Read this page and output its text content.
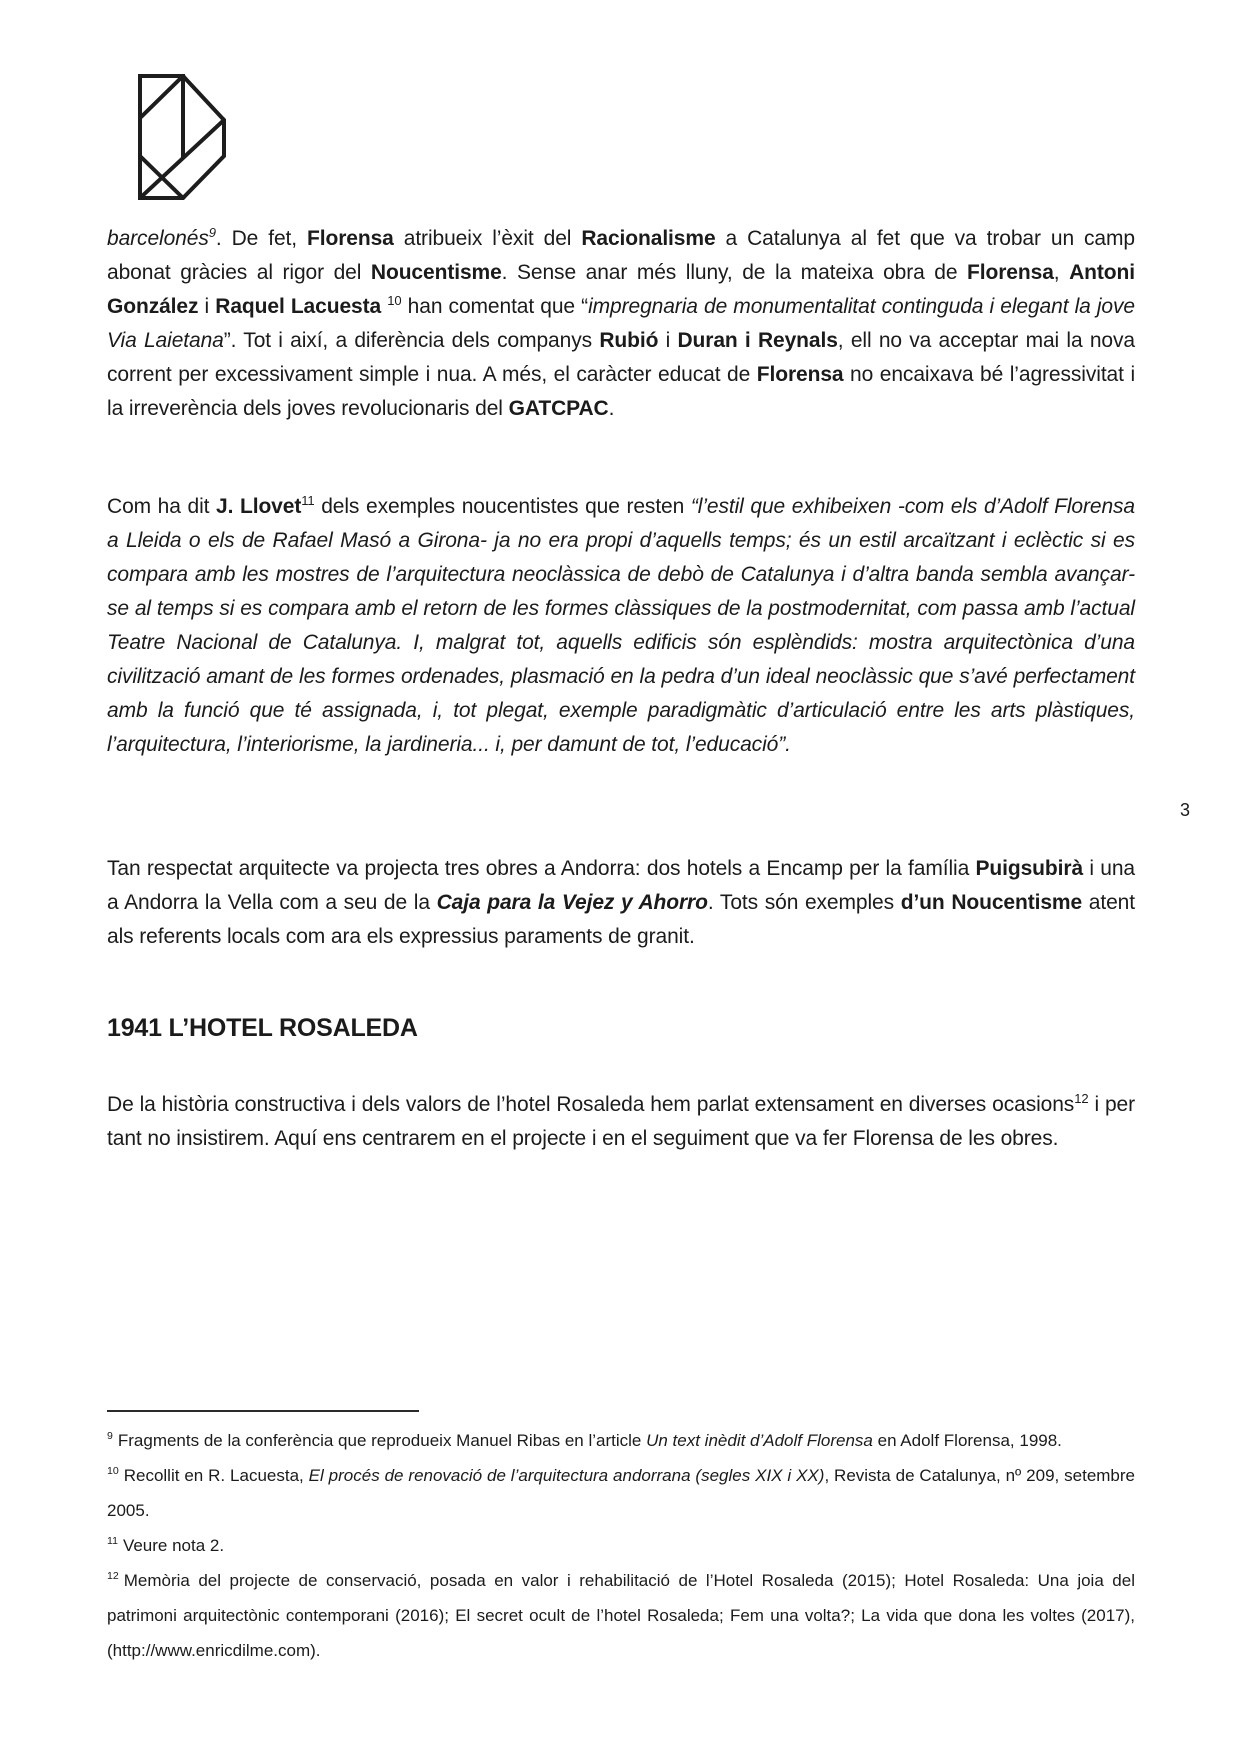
barcelonés$^9$. De fet, Florensa atribueix l’èxit del Racionalisme a Catalunya al fet que va trobar un camp abonat gràcies al rigor del Noucentisme. Sense anar més lluny, de la mateixa obra de Florensa, Antoni González i Raquel Lacuesta $^{10}$ han comentat que “impregnaria de monumentalitat continguda i elegant la jove Via Laietana”. Tot i així, a diferència dels companys Rubió i Duran i Reynals, ell no va acceptar mai la nova corrent per excessivament simple i nua. A més, el caràcter educat de Florensa no encaixava bé l’agressivitat i la irreverència dels joves revolucionaris del GATCPAC.

Com ha dit J. Llovet$^{11}$ dels exemples noucentistes que resten “l’estil que exhibeixen -com els d’Adolf Florensa a Lleida o els de Rafael Masó a Girona- ja no era propi d’aquells temps; és un estil arcaïtzant i eclèctic si es compara amb les mostres de l’arquitectura neoclàssica de debò de Catalunya i d’altra banda sembla avançar-se al temps si es compara amb el retorn de les formes clàssiques de la postmodernitat, com passa amb l’actual Teatre Nacional de Catalunya. I, malgrat tot, aquells edificis són esplèndids: mostra arquitectònica d’una civilització amant de les formes ordenades, plasmació en la pedra d’un ideal neoclàssic que s’avé perfectament amb la funció que té assignada, i, tot plegat, exemple paradigmàtic d’articulació entre les arts plàstiques, l’arquitectura, l’interiorisme, la jardineria... i, per damunt de tot, l’educació”.

3

Tan respectat arquitecte va projecta tres obres a Andorra: dos hotels a Encamp per la família Puigsubirà i una a Andorra la Vella com a seu de la Caja para la Vejez y Ahorro. Tots són exemples d’un Noucentisme atent als referents locals com ara els expressius paraments de granit.

1941 L’HOTEL ROSALEDA

De la història constructiva i dels valors de l’hotel Rosaleda hem parlat extensament en diverses ocasions$^{12}$ i per tant no insistirem. Aquí ens centrarem en el projecte i en el seguiment que va fer Florensa de les obres.

$^9$ Fragments de la conferència que reprodueix Manuel Ribas en l’article Un text inèdit d’Adolf Florensa en Adolf Florensa, 1998.
$^{10}$ Recollit en R. Lacuesta, El procés de renovació de l’arquitectura andorrana (segles XIX i XX), Revista de Catalunya, nº 209, setembre 2005.
$^{11}$ Veure nota 2.
$^{12}$ Memòria del projecte de conservació, posada en valor i rehabilitació de l’Hotel Rosaleda (2015); Hotel Rosaleda: Una joia del patrimoni arquitectònic contemporani (2016); El secret ocult de l’hotel Rosaleda; Fem una volta?; La vida que dona les voltes (2017), (http://www.enricdilme.com).
